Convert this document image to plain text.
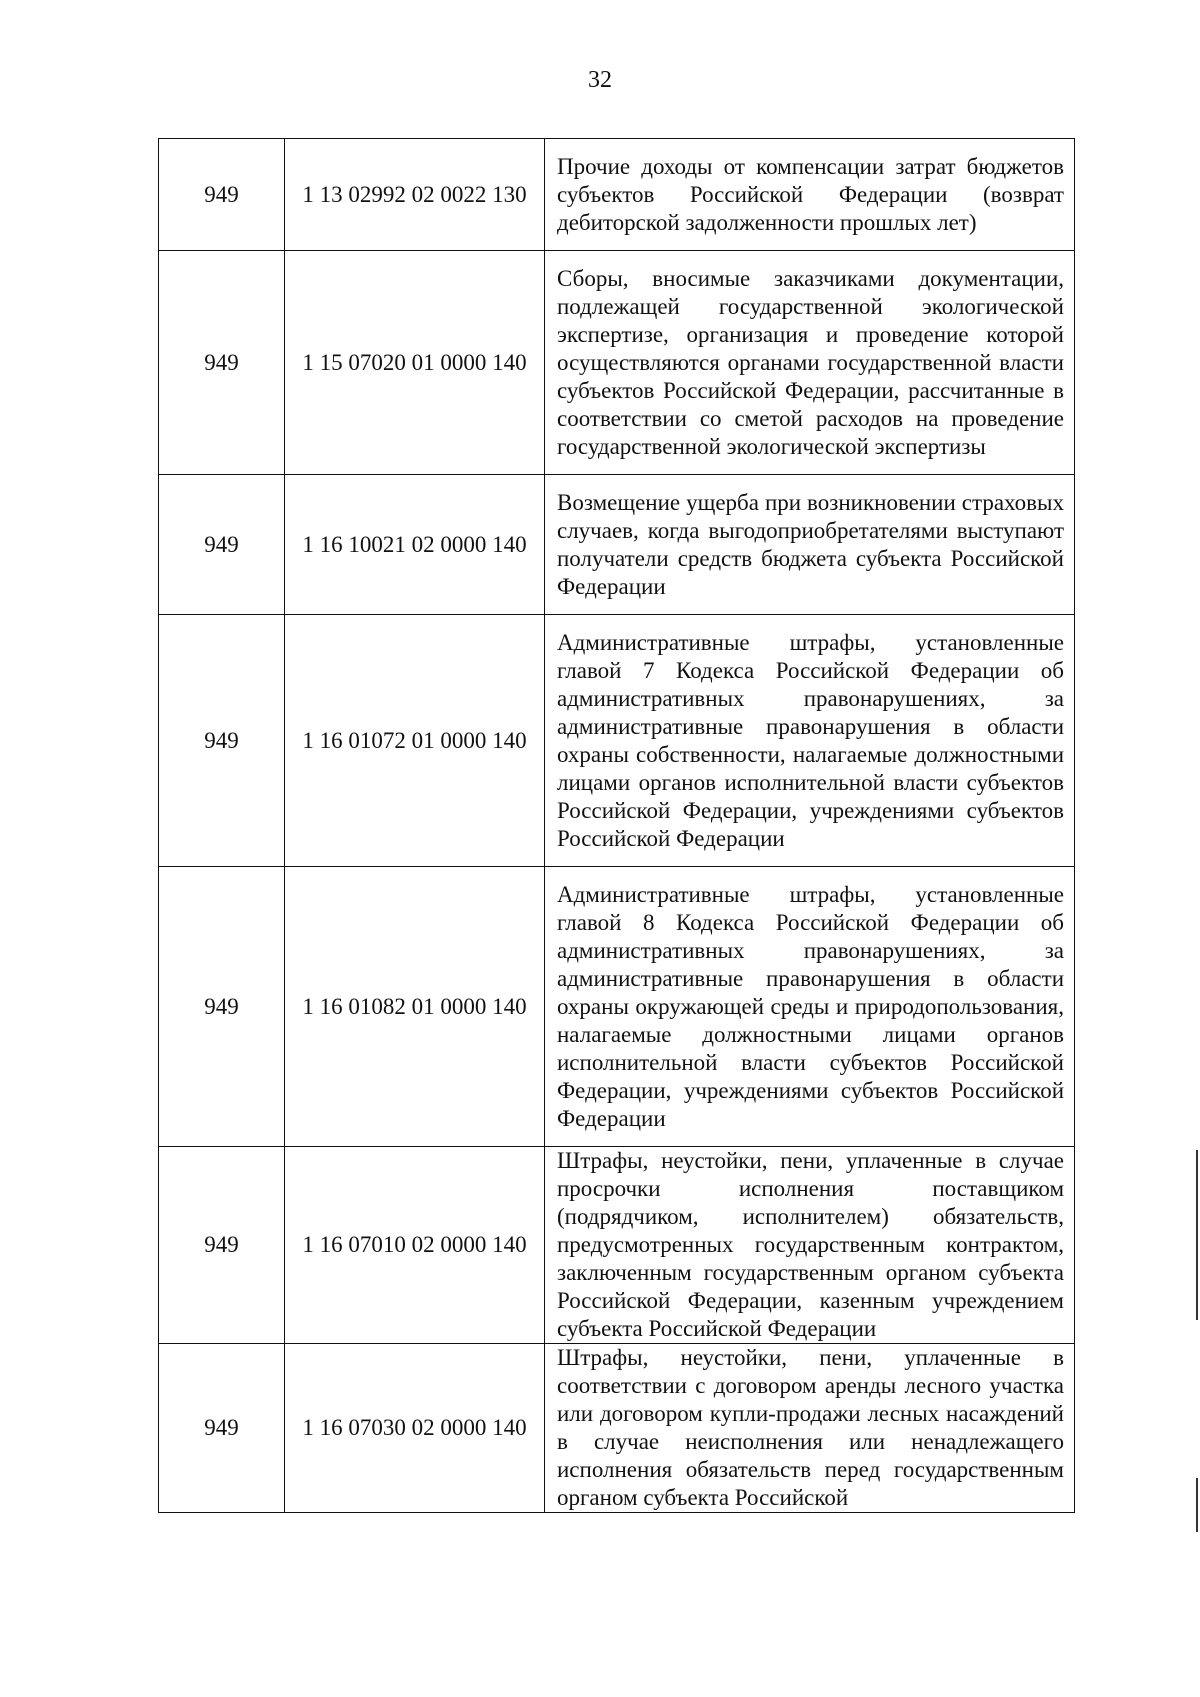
32
949	1 13 02992 02 0022 130	Прочие доходы от компенсации затрат бюджетов субъектов Российской Федерации (возврат дебиторской задолженности прошлых лет)
949	1 15 07020 01 0000 140	Сборы, вносимые заказчиками документации, подлежащей государственной экологической экспертизе, организация и проведение которой осуществляются органами государственной власти субъектов Российской Федерации, рассчитанные в соответствии со сметой расходов на проведение государственной экологической экспертизы
949	1 16 10021 02 0000 140	Возмещение ущерба при возникновении страховых случаев, когда выгодоприобретателями выступают получатели средств бюджета субъекта Российской Федерации
949	1 16 01072 01 0000 140	Административные штрафы, установленные главой 7 Кодекса Российской Федерации об административных правонарушениях, за административные правонарушения в области охраны собственности, налагаемые должностными лицами органов исполнительной власти субъектов Российской Федерации, учреждениями субъектов Российской Федерации
949	1 16 01082 01 0000 140	Административные штрафы, установленные главой 8 Кодекса Российской Федерации об административных правонарушениях, за административные правонарушения в области охраны окружающей среды и природопользования, налагаемые должностными лицами органов исполнительной власти субъектов Российской Федерации, учреждениями субъектов Российской Федерации
949	1 16 07010 02 0000 140	Штрафы, неустойки, пени, уплаченные в случае просрочки исполнения поставщиком (подрядчиком, исполнителем) обязательств, предусмотренных государственным контрактом, заключенным государственным органом субъекта Российской Федерации, казенным учреждением субъекта Российской Федерации
949	1 16 07030 02 0000 140	Штрафы, неустойки, пени, уплаченные в соответствии с договором аренды лесного участка или договором купли-продажи лесных насаждений в случае неисполнения или ненадлежащего исполнения обязательств перед государственным органом субъекта Российской
